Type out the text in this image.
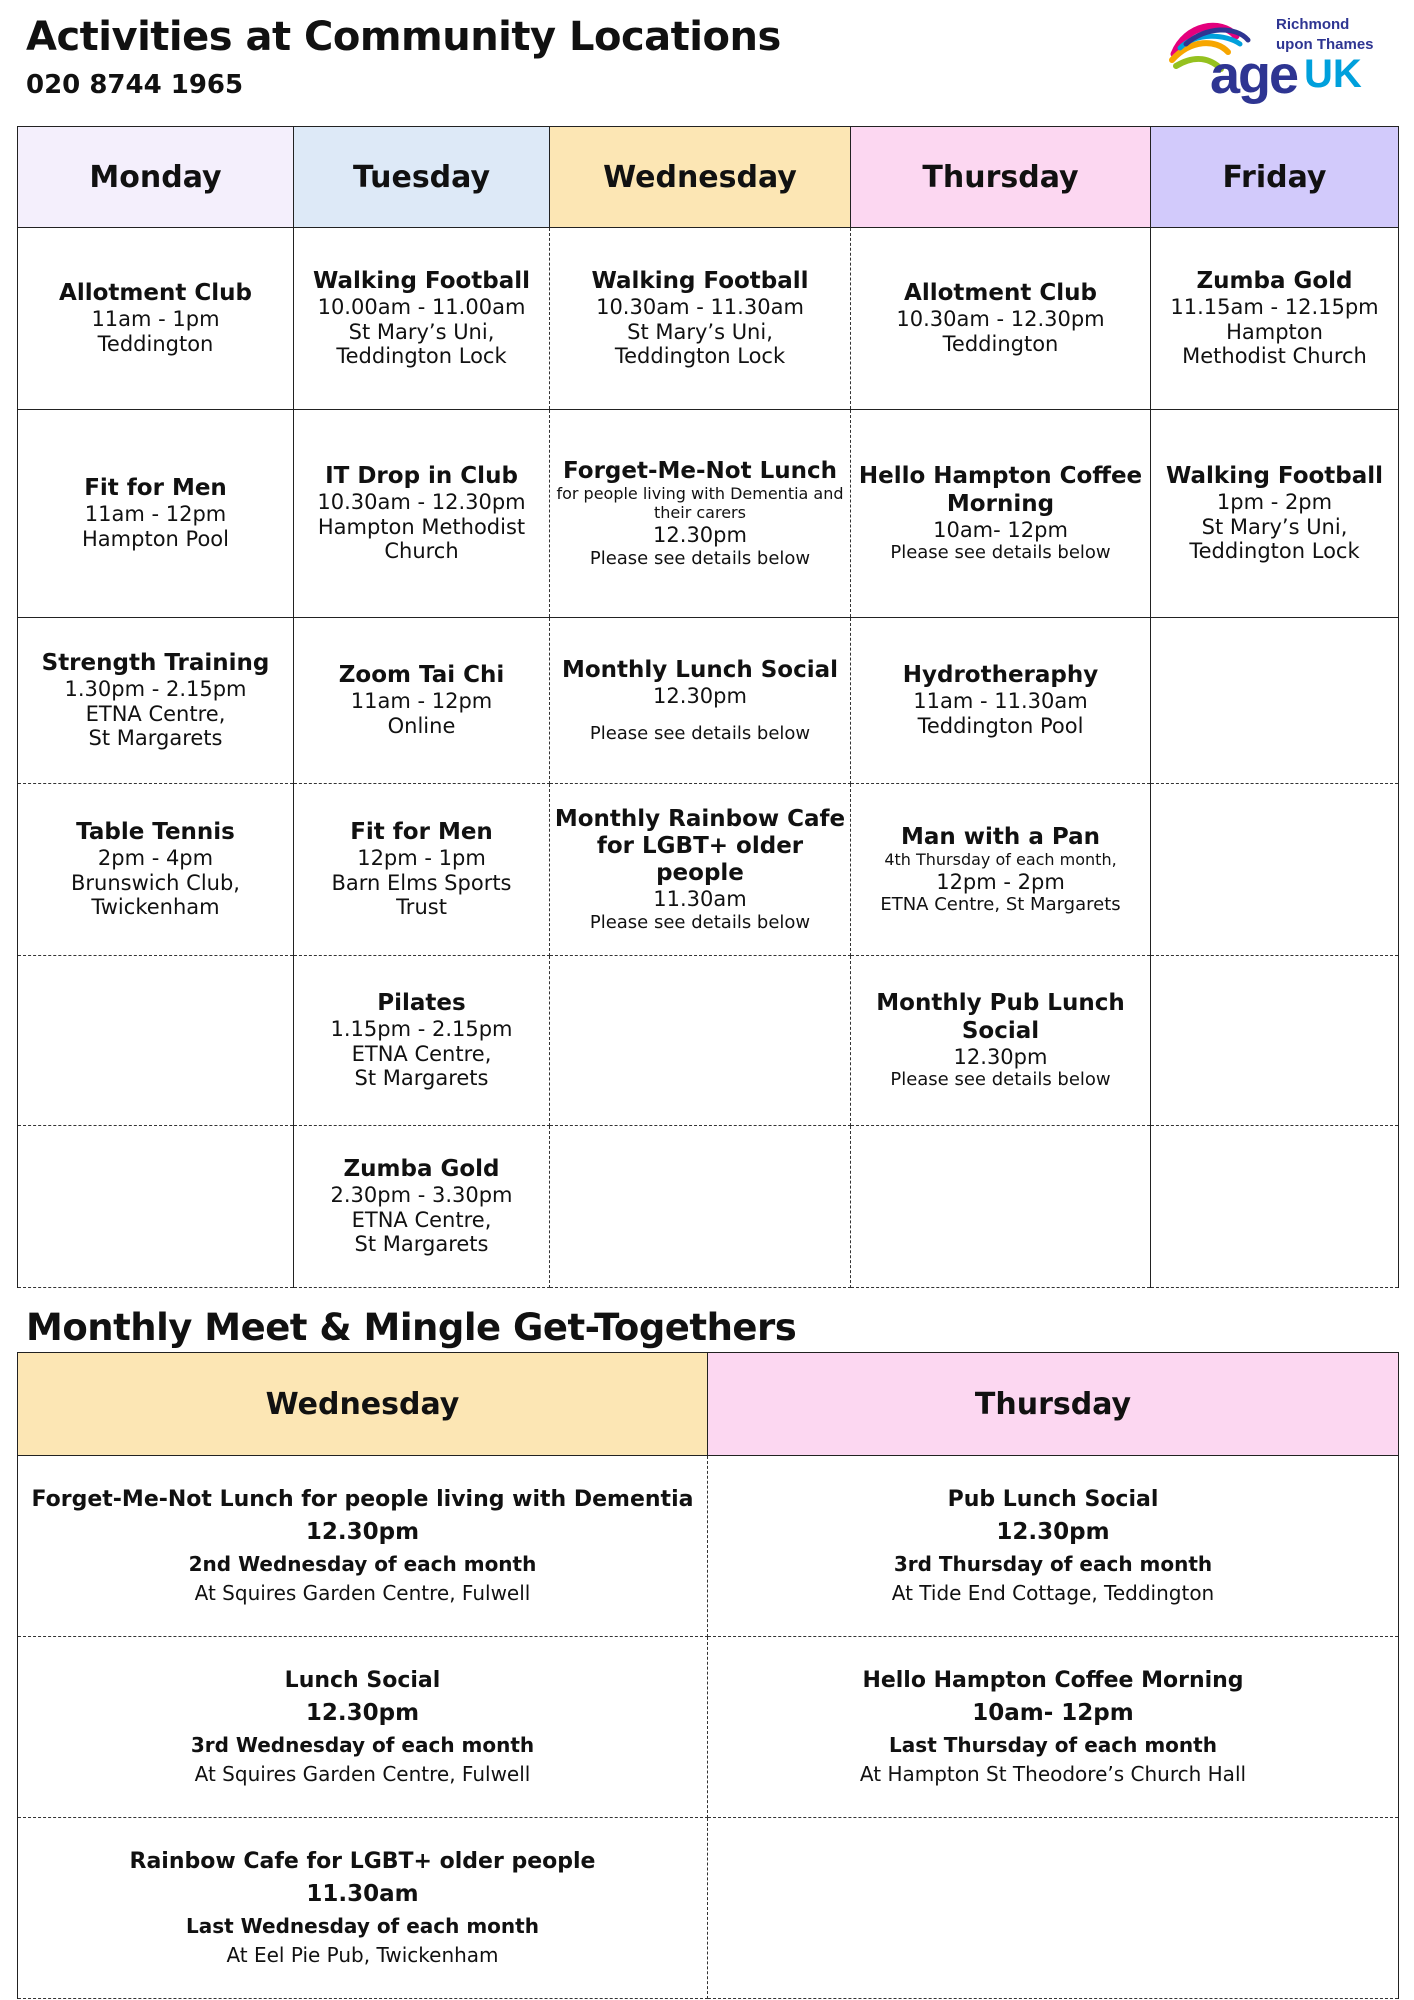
Activities at Community Locations
020 8744 1965
Richmond
upon Thames
age UK
Monday	Tuesday	Wednesday	Thursday	Friday

Allotment Club
11am - 1pm
Teddington	Walking Football
10.00am - 11.00am
St Mary’s Uni,
Teddington Lock	Walking Football
10.30am - 11.30am
St Mary’s Uni,
Teddington Lock	Allotment Club
10.30am - 12.30pm
Teddington	Zumba Gold
11.15am - 12.15pm
Hampton
Methodist Church

Fit for Men
11am - 12pm
Hampton Pool	IT Drop in Club
10.30am - 12.30pm
Hampton Methodist
Church	Forget-Me-Not Lunch
for people living with Dementia and their carers
12.30pm
Please see details below	Hello Hampton Coffee Morning
10am- 12pm
Please see details below	Walking Football
1pm - 2pm
St Mary’s Uni,
Teddington Lock

Strength Training
1.30pm - 2.15pm
ETNA Centre,
St Margarets	Zoom Tai Chi
11am - 12pm
Online	Monthly Lunch Social
12.30pm
Please see details below	Hydrotheraphy
11am - 11.30am
Teddington Pool	

Table Tennis
2pm - 4pm
Brunswich Club,
Twickenham	Fit for Men
12pm - 1pm
Barn Elms Sports
Trust	Monthly Rainbow Cafe for LGBT+ older people
11.30am
Please see details below	Man with a Pan
4th Thursday of each month,
12pm - 2pm
ETNA Centre, St Margarets	

	Pilates
1.15pm - 2.15pm
ETNA Centre,
St Margarets		Monthly Pub Lunch Social
12.30pm
Please see details below	

	Zumba Gold
2.30pm - 3.30pm
ETNA Centre,
St Margarets			

Monthly Meet & Mingle Get-Togethers
Wednesday	Thursday

Forget-Me-Not Lunch for people living with Dementia
12.30pm
2nd Wednesday of each month
At Squires Garden Centre, Fulwell	Pub Lunch Social
12.30pm
3rd Thursday of each month
At Tide End Cottage, Teddington

Lunch Social
12.30pm
3rd Wednesday of each month
At Squires Garden Centre, Fulwell	Hello Hampton Coffee Morning
10am- 12pm
Last Thursday of each month
At Hampton St Theodore’s Church Hall

Rainbow Cafe for LGBT+ older people
11.30am
Last Wednesday of each month
At Eel Pie Pub, Twickenham	
